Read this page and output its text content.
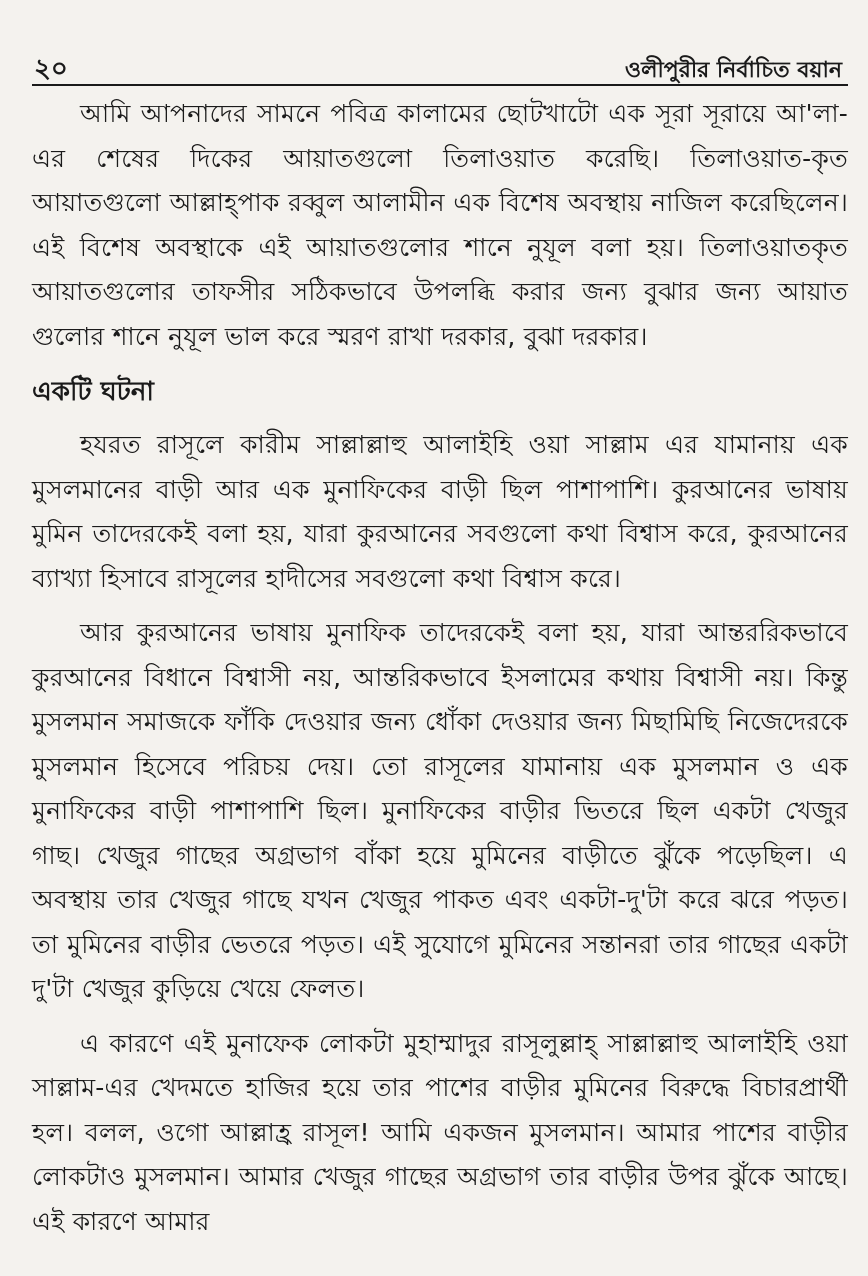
২০	ওলীপুরীর নির্বাচিত বয়ান

আমি আপনাদের সামনে পবিত্র কালামের ছোটখাটো এক সূরা সূরায়ে আ'লা-এর শেষের দিকের আয়াতগুলো তিলাওয়াত করেছি। তিলাওয়াত-কৃত আয়াতগুলো আল্লাহ্পাক রব্বুল আলামীন এক বিশেষ অবস্থায় নাজিল করেছিলেন। এই বিশেষ অবস্থাকে এই আয়াতগুলোর শানে নুযূল বলা হয়। তিলাওয়াতকৃত আয়াতগুলোর তাফসীর সঠিকভাবে উপলব্ধি করার জন্য বুঝার জন্য আয়াত গুলোর শানে নুযূল ভাল করে স্মরণ রাখা দরকার, বুঝা দরকার।

একটি ঘটনা

হযরত রাসূলে কারীম সাল্লাল্লাহু আলাইহি ওয়া সাল্লাম এর যামানায় এক মুসলমানের বাড়ী আর এক মুনাফিকের বাড়ী ছিল পাশাপাশি। কুরআনের ভাষায় মুমিন তাদেরকেই বলা হয়, যারা কুরআনের সবগুলো কথা বিশ্বাস করে, কুরআনের ব্যাখ্যা হিসাবে রাসূলের হাদীসের সবগুলো কথা বিশ্বাস করে।

আর কুরআনের ভাষায় মুনাফিক তাদেরকেই বলা হয়, যারা আন্তররিকভাবে কুরআনের বিধানে বিশ্বাসী নয়, আন্তরিকভাবে ইসলামের কথায় বিশ্বাসী নয়। কিন্তু মুসলমান সমাজকে ফাঁকি দেওয়ার জন্য ধোঁকা দেওয়ার জন্য মিছামিছি নিজেদেরকে মুসলমান হিসেবে পরিচয় দেয়। তো রাসূলের যামানায় এক মুসলমান ও এক মুনাফিকের বাড়ী পাশাপাশি ছিল। মুনাফিকের বাড়ীর ভিতরে ছিল একটা খেজুর গাছ। খেজুর গাছের অগ্রভাগ বাঁকা হয়ে মুমিনের বাড়ীতে ঝুঁকে পড়েছিল। এ অবস্থায় তার খেজুর গাছে যখন খেজুর পাকত এবং একটা-দু'টা করে ঝরে পড়ত। তা মুমিনের বাড়ীর ভেতরে পড়ত। এই সুযোগে মুমিনের সন্তানরা তার গাছের একটা দু'টা খেজুর কুড়িয়ে খেয়ে ফেলত।

এ কারণে এই মুনাফেক লোকটা মুহাম্মাদুর রাসূলুল্লাহ্ সাল্লাল্লাহু আলাইহি ওয়া সাল্লাম-এর খেদমতে হাজির হয়ে তার পাশের বাড়ীর মুমিনের বিরুদ্ধে বিচারপ্রার্থী হল। বলল, ওগো আল্লাহ্র রাসূল! আমি একজন মুসলমান। আমার পাশের বাড়ীর লোকটাও মুসলমান। আমার খেজুর গাছের অগ্রভাগ তার বাড়ীর উপর ঝুঁকে আছে। এই কারণে আমার
